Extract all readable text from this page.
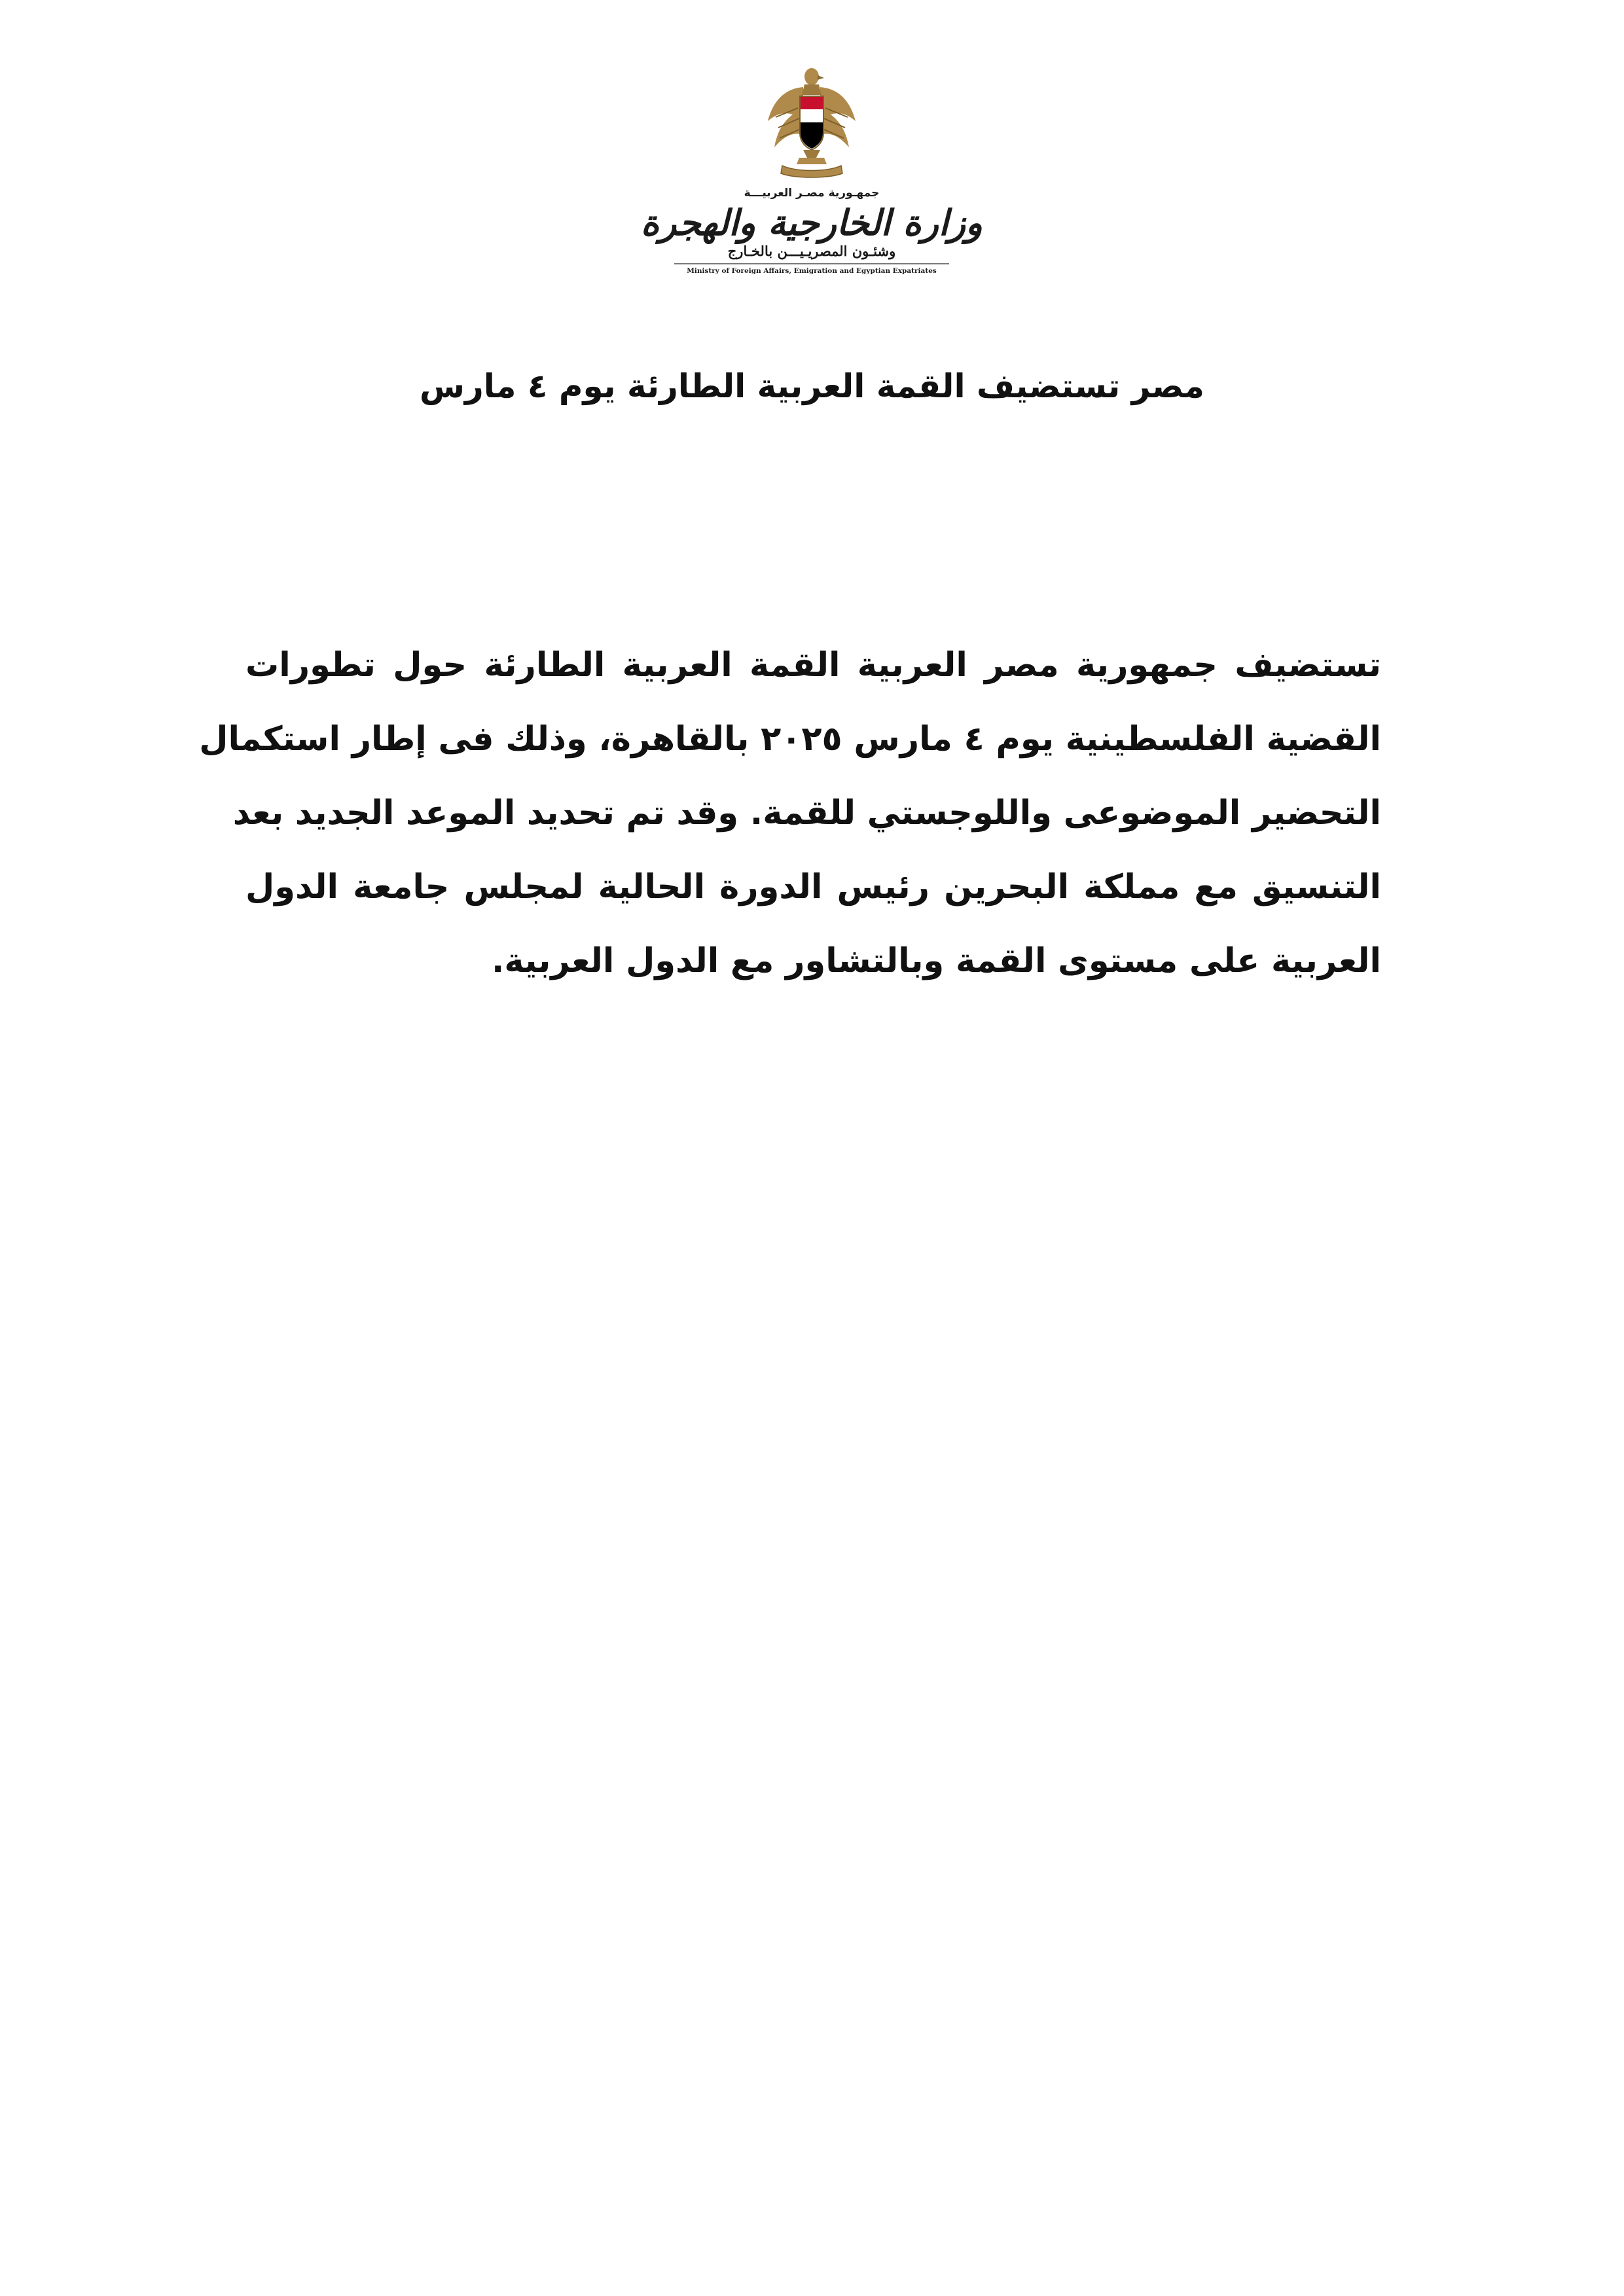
جمهـورية مصـر العربيـــة
وزارة الخارجية والهجرة
وشئـون المصريـيـــن بالخـارج
Ministry of Foreign Affairs, Emigration and Egyptian Expatriates
مصر تستضيف القمة العربية الطارئة يوم ٤ مارس
تستضيف جمهورية مصر العربية القمة العربية الطارئة حول تطورات
القضية الفلسطينية يوم ٤ مارس ٢٠٢٥ بالقاهرة، وذلك فى إطار استكمال
التحضير الموضوعى واللوجستي للقمة. وقد تم تحديد الموعد الجديد بعد
التنسيق مع مملكة البحرين رئيس الدورة الحالية لمجلس جامعة الدول
العربية على مستوى القمة وبالتشاور مع الدول العربية.
